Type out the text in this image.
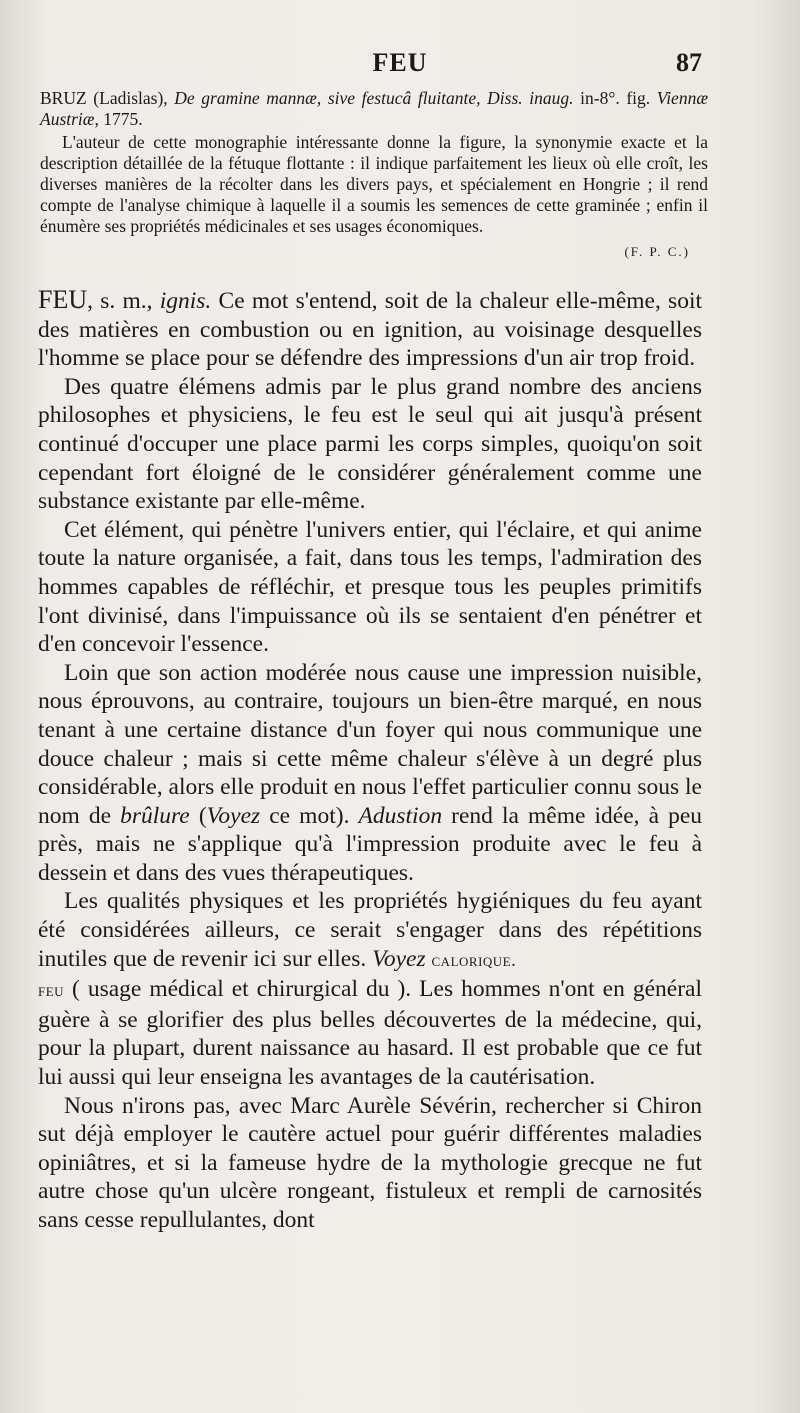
FEU	87

BRUZ (Ladislas), De gramine mannæ, sive festucâ fluitante, Diss. inaug. in-8°. fig. Viennæ Austriæ, 1775.

L'auteur de cette monographie intéressante donne la figure, la synonymie exacte et la description détaillée de la fétuque flottante : il indique parfaitement les lieux où elle croît, les diverses manières de la récolter dans les divers pays, et spécialement en Hongrie ; il rend compte de l'analyse chimique à laquelle il a soumis les semences de cette graminée ; enfin il énumère ses propriétés médicinales et ses usages économiques.

(F. P. C.)

FEU, s. m., ignis. Ce mot s'entend, soit de la chaleur elle-même, soit des matières en combustion ou en ignition, au voisinage desquelles l'homme se place pour se défendre des impressions d'un air trop froid.

Des quatre élémens admis par le plus grand nombre des anciens philosophes et physiciens, le feu est le seul qui ait jusqu'à présent continué d'occuper une place parmi les corps simples, quoiqu'on soit cependant fort éloigné de le considérer généralement comme une substance existante par elle-même.

Cet élément, qui pénètre l'univers entier, qui l'éclaire, et qui anime toute la nature organisée, a fait, dans tous les temps, l'admiration des hommes capables de réfléchir, et presque tous les peuples primitifs l'ont divinisé, dans l'impuissance où ils se sentaient d'en pénétrer et d'en concevoir l'essence.

Loin que son action modérée nous cause une impression nuisible, nous éprouvons, au contraire, toujours un bien-être marqué, en nous tenant à une certaine distance d'un foyer qui nous communique une douce chaleur ; mais si cette même chaleur s'élève à un degré plus considérable, alors elle produit en nous l'effet particulier connu sous le nom de brûlure (Voyez ce mot). Adustion rend la même idée, à peu près, mais ne s'applique qu'à l'impression produite avec le feu à dessein et dans des vues thérapeutiques.

Les qualités physiques et les propriétés hygiéniques du feu ayant été considérées ailleurs, ce serait s'engager dans des répétitions inutiles que de revenir ici sur elles. Voyez calorique.

feu ( usage médical et chirurgical du ). Les hommes n'ont en général guère à se glorifier des plus belles découvertes de la médecine, qui, pour la plupart, durent naissance au hasard. Il est probable que ce fut lui aussi qui leur enseigna les avantages de la cautérisation.

Nous n'irons pas, avec Marc Aurèle Sévérin, rechercher si Chiron sut déjà employer le cautère actuel pour guérir différentes maladies opiniâtres, et si la fameuse hydre de la mythologie grecque ne fut autre chose qu'un ulcère rongeant, fistuleux et rempli de carnosités sans cesse repullulantes, dont
